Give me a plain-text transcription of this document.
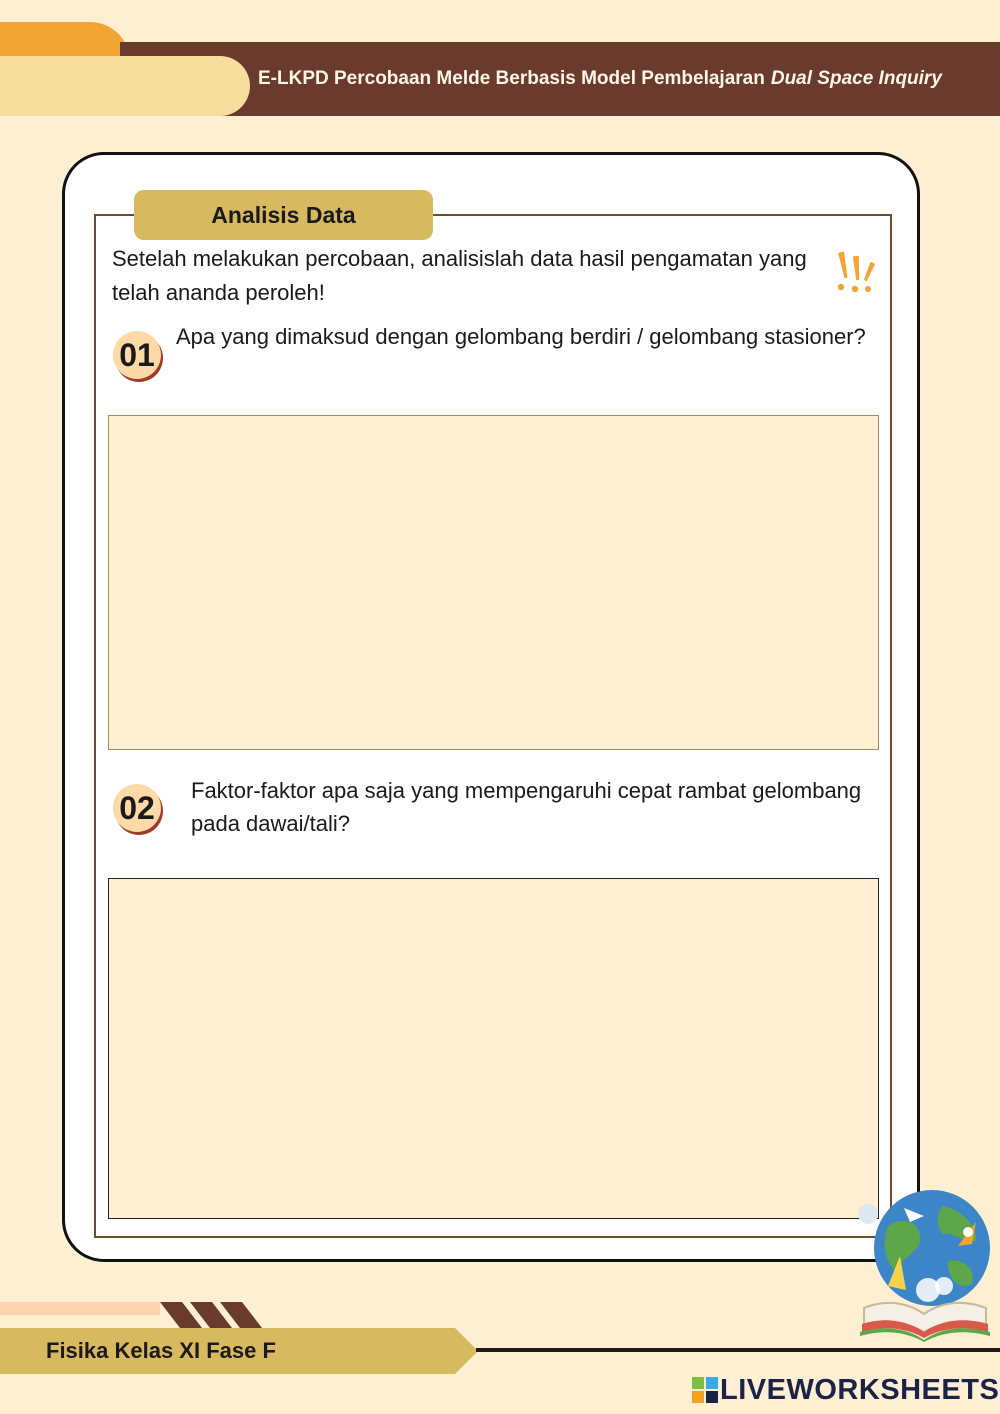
E-LKPD Percobaan Melde Berbasis Model Pembelajaran Dual Space Inquiry
Analisis Data
Setelah melakukan percobaan, analisislah data hasil pengamatan yang telah ananda peroleh!
01 Apa yang dimaksud dengan gelombang berdiri / gelombang stasioner?
02 Faktor-faktor apa saja yang mempengaruhi cepat rambat gelombang pada dawai/tali?
Fisika Kelas XI Fase F
LIVEWORKSHEETS
